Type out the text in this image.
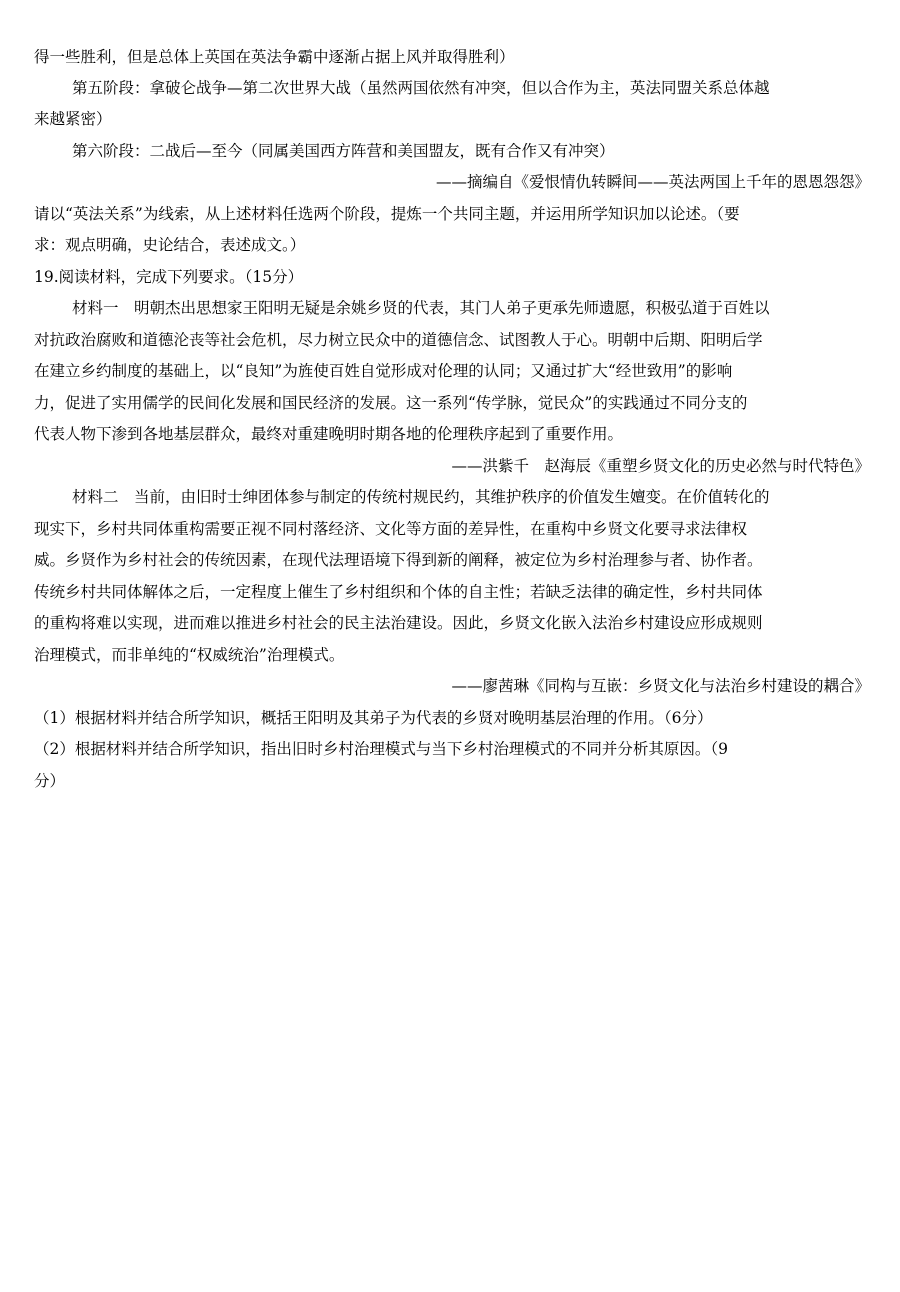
得一些胜利，但是总体上英国在英法争霸中逐渐占据上风并取得胜利）
第五阶段：拿破仑战争—第二次世界大战（虽然两国依然有冲突，但以合作为主，英法同盟关系总体越
来越紧密）
第六阶段：二战后—至今（同属美国西方阵营和美国盟友，既有合作又有冲突）
——摘编自《爱恨情仇转瞬间——英法两国上千年的恩恩怨怨》
请以“英法关系”为线索，从上述材料任选两个阶段，提炼一个共同主题，并运用所学知识加以论述。（要
求：观点明确，史论结合，表述成文。）
19.阅读材料，完成下列要求。（15分）
材料一　明朝杰出思想家王阳明无疑是余姚乡贤的代表，其门人弟子更承先师遗愿，积极弘道于百姓以
对抗政治腐败和道德沦丧等社会危机，尽力树立民众中的道德信念、试图教人于心。明朝中后期、阳明后学
在建立乡约制度的基础上，以“良知”为旌使百姓自觉形成对伦理的认同；又通过扩大“经世致用”的影响
力，促进了实用儒学的民间化发展和国民经济的发展。这一系列“传学脉，觉民众”的实践通过不同分支的
代表人物下渗到各地基层群众，最终对重建晚明时期各地的伦理秩序起到了重要作用。
——洪紫千　赵海辰《重塑乡贤文化的历史必然与时代特色》
材料二　当前，由旧时士绅团体参与制定的传统村规民约，其维护秩序的价值发生嬗变。在价值转化的
现实下，乡村共同体重构需要正视不同村落经济、文化等方面的差异性，在重构中乡贤文化要寻求法律权
威。乡贤作为乡村社会的传统因素，在现代法理语境下得到新的阐释，被定位为乡村治理参与者、协作者。
传统乡村共同体解体之后，一定程度上催生了乡村组织和个体的自主性；若缺乏法律的确定性，乡村共同体
的重构将难以实现，进而难以推进乡村社会的民主法治建设。因此，乡贤文化嵌入法治乡村建设应形成规则
治理模式，而非单纯的“权威统治”治理模式。
——廖茜琳《同构与互嵌：乡贤文化与法治乡村建设的耦合》
（1）根据材料并结合所学知识，概括王阳明及其弟子为代表的乡贤对晚明基层治理的作用。（6分）
（2）根据材料并结合所学知识，指出旧时乡村治理模式与当下乡村治理模式的不同并分析其原因。（9
分）
